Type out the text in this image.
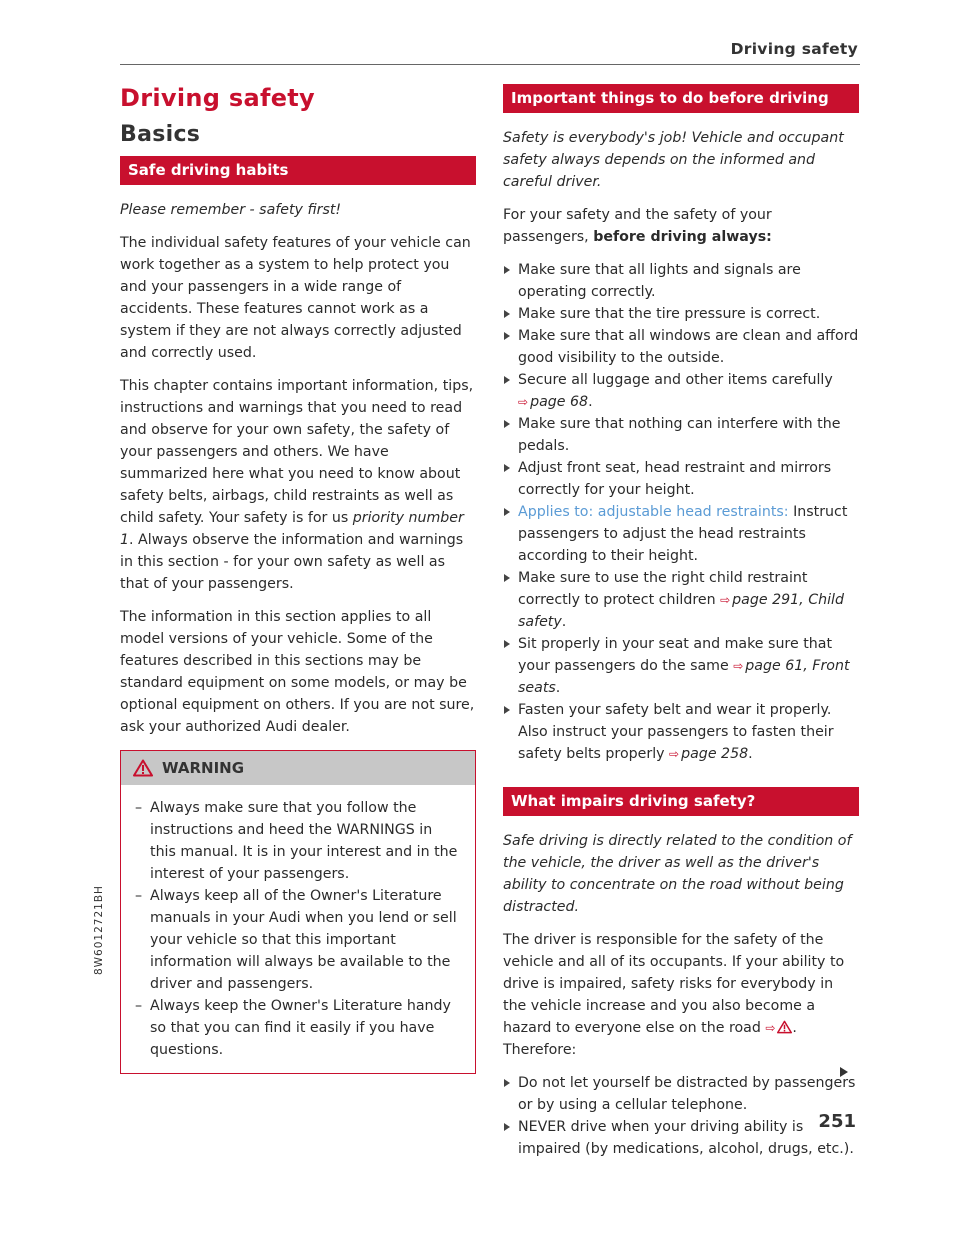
Driving safety
Driving safety
Basics
Safe driving habits

Please remember - safety first!

The individual safety features of your vehicle can work together as a system to help protect you and your passengers in a wide range of accidents. These features cannot work as a system if they are not always correctly adjusted and correctly used.

This chapter contains important information, tips, instructions and warnings that you need to read and observe for your own safety, the safety of your passengers and others. We have summarized here what you need to know about safety belts, airbags, child restraints as well as child safety. Your safety is for us priority number 1. Always observe the information and warnings in this section - for your own safety as well as that of your passengers.

The information in this section applies to all model versions of your vehicle. Some of the features described in this sections may be standard equipment on some models, or may be optional equipment on others. If you are not sure, ask your authorized Audi dealer.

WARNING
– Always make sure that you follow the instructions and heed the WARNINGS in this manual. It is in your interest and in the interest of your passengers.
– Always keep all of the Owner's Literature manuals in your Audi when you lend or sell your vehicle so that this important information will always be available to the driver and passengers.
– Always keep the Owner's Literature handy so that you can find it easily if you have questions.
Important things to do before driving

Safety is everybody's job! Vehicle and occupant safety always depends on the informed and careful driver.

For your safety and the safety of your passengers, before driving always:

Make sure that all lights and signals are operating correctly.
Make sure that the tire pressure is correct.
Make sure that all windows are clean and afford good visibility to the outside.
Secure all luggage and other items carefully ⇨ page 68.
Make sure that nothing can interfere with the pedals.
Adjust front seat, head restraint and mirrors correctly for your height.
Applies to: adjustable head restraints: Instruct passengers to adjust the head restraints according to their height.
Make sure to use the right child restraint correctly to protect children ⇨ page 291, Child safety.
Sit properly in your seat and make sure that your passengers do the same ⇨ page 61, Front seats.
Fasten your safety belt and wear it properly. Also instruct your passengers to fasten their safety belts properly ⇨ page 258.
What impairs driving safety?

Safe driving is directly related to the condition of the vehicle, the driver as well as the driver's ability to concentrate on the road without being distracted.

The driver is responsible for the safety of the vehicle and all of its occupants. If your ability to drive is impaired, safety risks for everybody in the vehicle increase and you also become a hazard to everyone else on the road ⇨ . Therefore:

Do not let yourself be distracted by passengers or by using a cellular telephone.
NEVER drive when your driving ability is impaired (by medications, alcohol, drugs, etc.).
8W6012721BH
251
